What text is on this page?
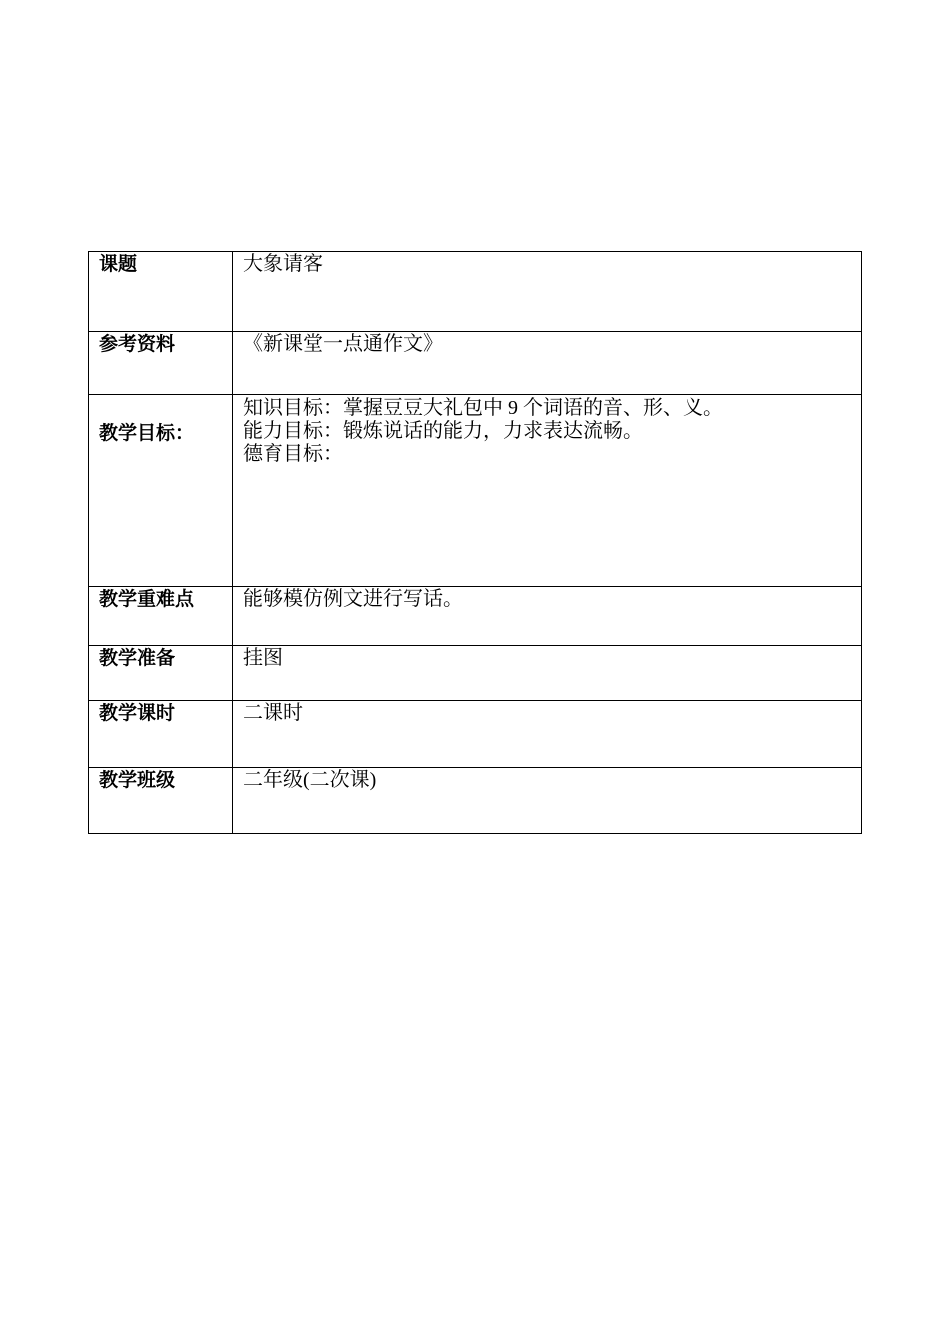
课题	大象请客

参考资料	《新课堂一点通作文》

教学目标：	知识目标：掌握豆豆大礼包中 9 个词语的音、形、义。
能力目标：锻炼说话的能力，力求表达流畅。
德育目标：

教学重难点	能够模仿例文进行写话。

教学准备	挂图

教学课时	二课时

教学班级	二年级(二次课)
